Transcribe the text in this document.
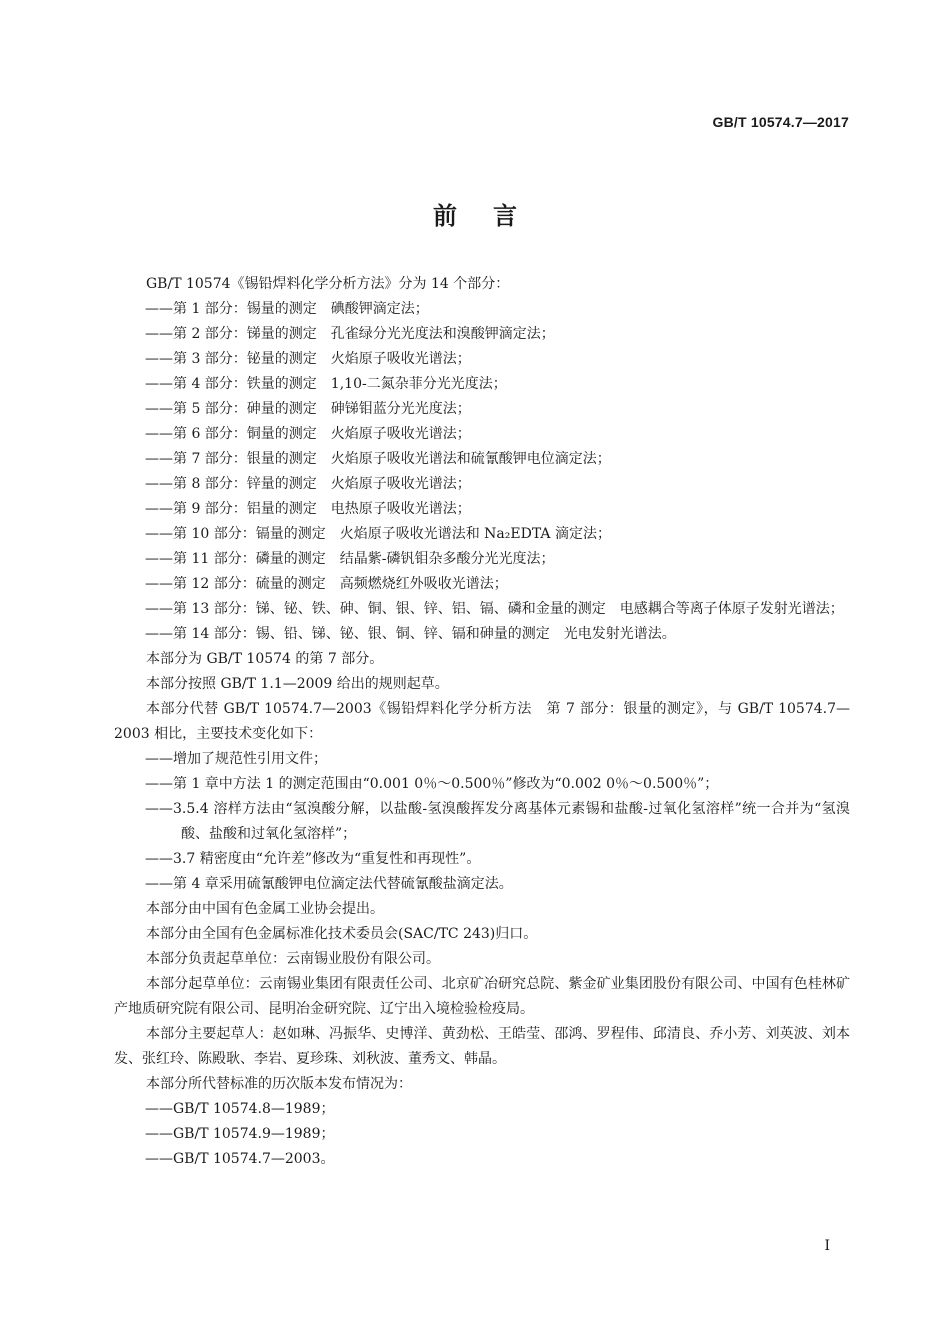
GB/T 10574.7—2017
前言

GB/T 10574《锡铅焊料化学分析方法》分为 14 个部分：

——第 1 部分：锡量的测定　碘酸钾滴定法；

——第 2 部分：锑量的测定　孔雀绿分光光度法和溴酸钾滴定法；

——第 3 部分：铋量的测定　火焰原子吸收光谱法；

——第 4 部分：铁量的测定　1,10-二氮杂菲分光光度法；

——第 5 部分：砷量的测定　砷锑钼蓝分光光度法；

——第 6 部分：铜量的测定　火焰原子吸收光谱法；

——第 7 部分：银量的测定　火焰原子吸收光谱法和硫氰酸钾电位滴定法；

——第 8 部分：锌量的测定　火焰原子吸收光谱法；

——第 9 部分：铝量的测定　电热原子吸收光谱法；

——第 10 部分：镉量的测定　火焰原子吸收光谱法和 Na₂EDTA 滴定法；

——第 11 部分：磷量的测定　结晶紫-磷钒钼杂多酸分光光度法；

——第 12 部分：硫量的测定　高频燃烧红外吸收光谱法；

——第 13 部分：锑、铋、铁、砷、铜、银、锌、铝、镉、磷和金量的测定　电感耦合等离子体原子发射光谱法；

——第 14 部分：锡、铅、锑、铋、银、铜、锌、镉和砷量的测定　光电发射光谱法。

本部分为 GB/T 10574 的第 7 部分。

本部分按照 GB/T 1.1—2009 给出的规则起草。

本部分代替 GB/T 10574.7—2003《锡铅焊料化学分析方法　第 7 部分：银量的测定》，与 GB/T 10574.7—2003 相比，主要技术变化如下：

——增加了规范性引用文件；

——第 1 章中方法 1 的测定范围由“0.001 0％～0.500％”修改为“0.002 0％～0.500％”；

——3.5.4 溶样方法由“氢溴酸分解，以盐酸-氢溴酸挥发分离基体元素锡和盐酸-过氧化氢溶样”统一合并为“氢溴酸、盐酸和过氧化氢溶样”；

——3.7 精密度由“允许差”修改为“重复性和再现性”。

——第 4 章采用硫氰酸钾电位滴定法代替硫氰酸盐滴定法。

本部分由中国有色金属工业协会提出。

本部分由全国有色金属标准化技术委员会(SAC/TC 243)归口。

本部分负责起草单位：云南锡业股份有限公司。

本部分起草单位：云南锡业集团有限责任公司、北京矿冶研究总院、紫金矿业集团股份有限公司、中国有色桂林矿产地质研究院有限公司、昆明冶金研究院、辽宁出入境检验检疫局。

本部分主要起草人：赵如琳、冯振华、史博洋、黄劲松、王皓莹、邵鸿、罗程伟、邱清良、乔小芳、刘英波、刘本发、张红玲、陈殿耿、李岩、夏珍珠、刘秋波、董秀文、韩晶。

本部分所代替标准的历次版本发布情况为：

——GB/T 10574.8—1989；

——GB/T 10574.9—1989；

——GB/T 10574.7—2003。

I
